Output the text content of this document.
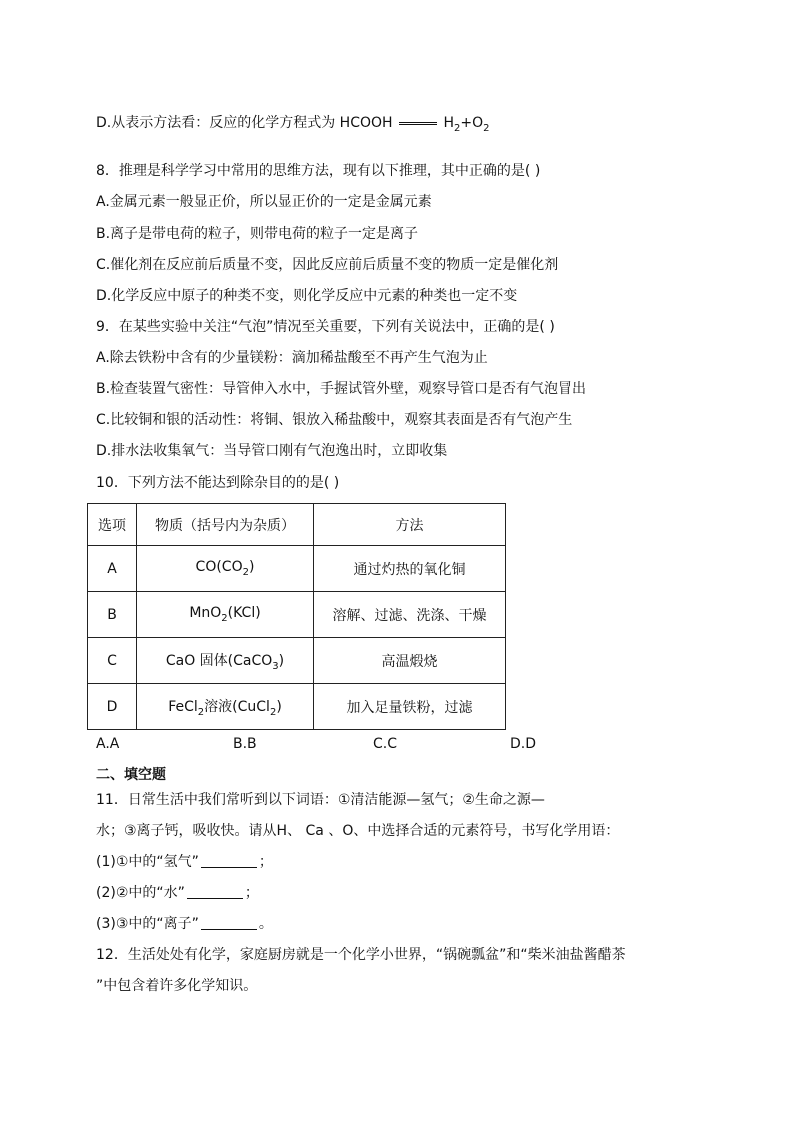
D.从表示方法看：反应的化学方程式为 HCOOH	$H_2+O_2$
8．推理是科学学习中常用的思维方法，现有以下推理，其中正确的是( )
A.金属元素一般显正价，所以显正价的一定是金属元素
B.离子是带电荷的粒子，则带电荷的粒子一定是离子
C.催化剂在反应前后质量不变，因此反应前后质量不变的物质一定是催化剂
D.化学反应中原子的种类不变，则化学反应中元素的种类也一定不变
9．在某些实验中关注“气泡”情况至关重要，下列有关说法中，正确的是( )
A.除去铁粉中含有的少量镁粉：滴加稀盐酸至不再产生气泡为止
B.检查装置气密性：导管伸入水中，手握试管外壁，观察导管口是否有气泡冒出
C.比较铜和银的活动性：将铜、银放入稀盐酸中，观察其表面是否有气泡产生
D.排水法收集氧气：当导管口刚有气泡逸出时，立即收集
10．下列方法不能达到除杂目的的是( )
选项	物质（括号内为杂质）	方法
A	$CO(CO_2)$	通过灼热的氧化铜
B	MnO$_2$(KCl)	溶解、过滤、洗涤、干燥
C	CaO 固体(CaCO$_3$)	高温煅烧
D	FeCl$_2$溶液(CuCl$_2$)	加入足量铁粉，过滤
A.A	B.B	C.C	D.D
二、填空题
11．日常生活中我们常听到以下词语：①清洁能源—氢气；②生命之源—
水；③离子钙，吸收快。请从H、 Ca 、O、中选择合适的元素符号，书写化学用语：
(1)①中的“氢气”	；
(2)②中的“水”	；
(3)③中的“离子”	。
12．生活处处有化学，家庭厨房就是一个化学小世界，“锅碗瓢盆”和“柴米油盐酱醋茶
”中包含着许多化学知识。
